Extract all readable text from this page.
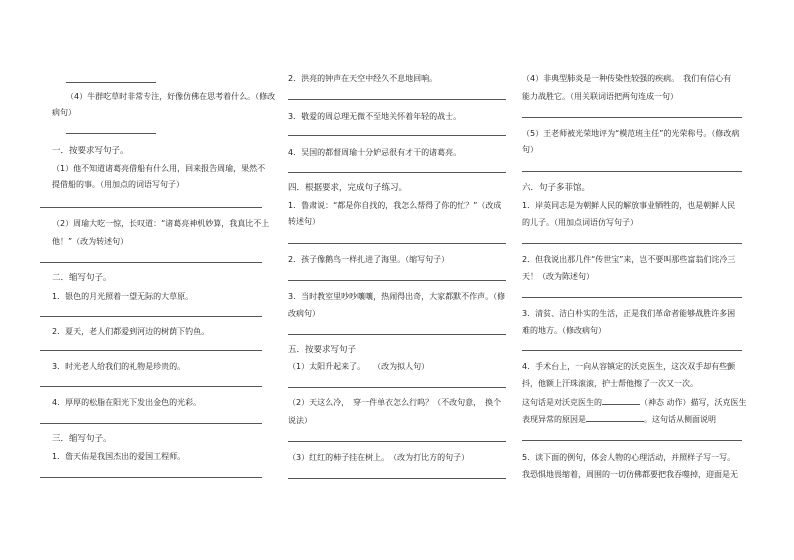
（4）牛群吃草时非常专注，好像仿佛在思考着什么。（修改
病句）
一．按要求写句子。
（1）他不知道诸葛亮借船有什么用，回来报告周瑜，果然不
提借船的事。（用加点的词语写句子）
（2）周瑜大吃一惊，长叹道：“诸葛亮神机妙算，我真比不上
他！”（改为转述句）
二．缩写句子。
1．银色的月光照着一望无际的大草原。
2．夏天，老人们都爱到河边的树荫下钓鱼。
3．时光老人给我们的礼物是珍贵的。
4．厚厚的松脂在阳光下发出金色的光彩。
三．缩写句子。
1．詹天佑是我国杰出的爱国工程师。
2．洪亮的钟声在天空中经久不息地回响。
3．敬爱的周总理无微不至地关怀着年轻的战士。
4．吴国的都督周瑜十分妒忌很有才干的诸葛亮。
四．根据要求，完成句子练习。
1．鲁肃说：“都是你自找的，我怎么帮得了你的忙？”（改成
转述句）
2．孩子像鹅鸟一样扎进了海里。（缩写句子）
3．当时教室里吵吵嚷嚷，热闹得出奇，大家都默不作声。（修
改病句）
五．按要求写句子
（1）太阳升起来了。　　（改为拟人句）
（2）天这么冷，　穿一件单衣怎么行呜？（不改句意，　换个
说法）
（3）红红的柿子挂在树上。　（改为打比方的句子）
（4）非典型肺炎是一种传染性较强的疾病。　我们有信心有
能力战胜它。（用关联词语把两句连成一句）
（5）王老师被光荣地评为“模范班主任”的光荣称号。（修改病
句）
六．句子多菲馆。
1．岸英同志是为朝鲜人民的解放事业牺牲的，也是朝鲜人民
的儿子。（用加点词语仿写句子）
2．但我说出那几件“传世宝”来，岂不要叫那些富翁们诧冷三
天！（改为陈述句）
3．清贫、洁白朴实的生活，正是我们革命者能够战胜许多困
难的地方。（修改病句）
4．手术台上，一向从容镇定的沃克医生，这次双手却有些颤
抖，他额上汗珠滚滚，护士帮他擦了一次又一次。
这句话是对沃克医生的	（神态 动作）描写，沃克医生
表现异常的原因是	。这句话从侧面说明
5．读下面的例句，体会人物的心理活动，并照样子写一写。
我恐惧地畏缩着，周围的一切仿佛都要把我吞噬掉，迎面是无
